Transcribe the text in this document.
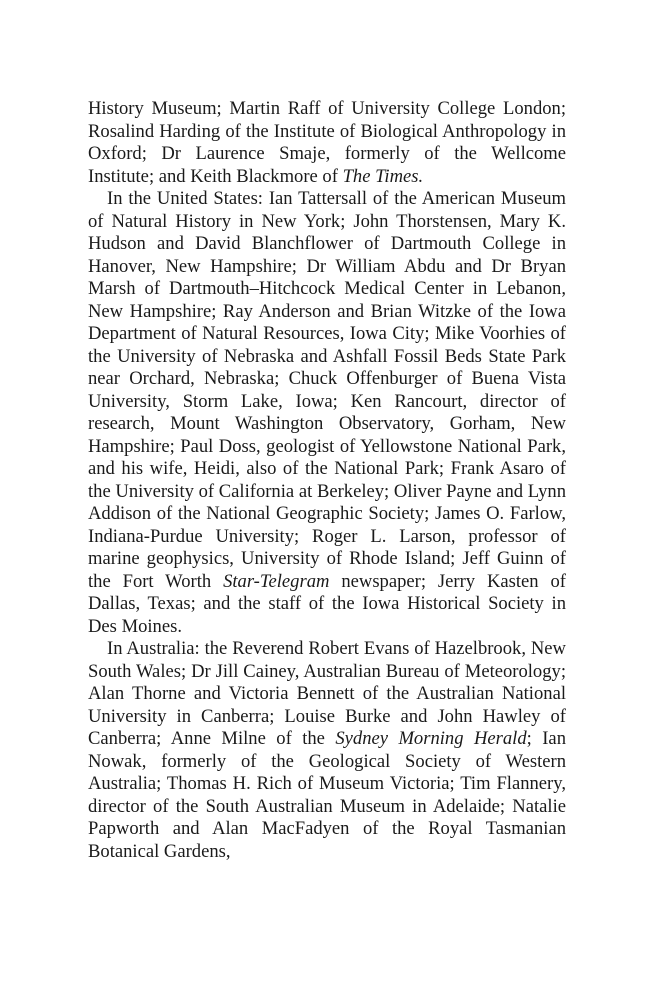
History Museum; Martin Raff of University College London; Rosalind Harding of the Institute of Biological Anthropology in Oxford; Dr Laurence Smaje, formerly of the Wellcome Institute; and Keith Blackmore of The Times.

In the United States: Ian Tattersall of the American Museum of Natural History in New York; John Thorstensen, Mary K. Hudson and David Blanchflower of Dartmouth College in Hanover, New Hampshire; Dr William Abdu and Dr Bryan Marsh of Dartmouth–Hitchcock Medical Center in Lebanon, New Hampshire; Ray Anderson and Brian Witzke of the Iowa Department of Natural Resources, Iowa City; Mike Voorhies of the University of Nebraska and Ashfall Fossil Beds State Park near Orchard, Nebraska; Chuck Offenburger of Buena Vista University, Storm Lake, Iowa; Ken Rancourt, director of research, Mount Washington Observatory, Gorham, New Hampshire; Paul Doss, geologist of Yellowstone National Park, and his wife, Heidi, also of the National Park; Frank Asaro of the University of California at Berkeley; Oliver Payne and Lynn Addison of the National Geographic Society; James O. Farlow, Indiana-Purdue University; Roger L. Larson, professor of marine geophysics, University of Rhode Island; Jeff Guinn of the Fort Worth Star-Telegram newspaper; Jerry Kasten of Dallas, Texas; and the staff of the Iowa Historical Society in Des Moines.

In Australia: the Reverend Robert Evans of Hazelbrook, New South Wales; Dr Jill Cainey, Australian Bureau of Meteorology; Alan Thorne and Victoria Bennett of the Australian National University in Canberra; Louise Burke and John Hawley of Canberra; Anne Milne of the Sydney Morning Herald; Ian Nowak, formerly of the Geological Society of Western Australia; Thomas H. Rich of Museum Victoria; Tim Flannery, director of the South Australian Museum in Adelaide; Natalie Papworth and Alan MacFadyen of the Royal Tasmanian Botanical Gardens,
